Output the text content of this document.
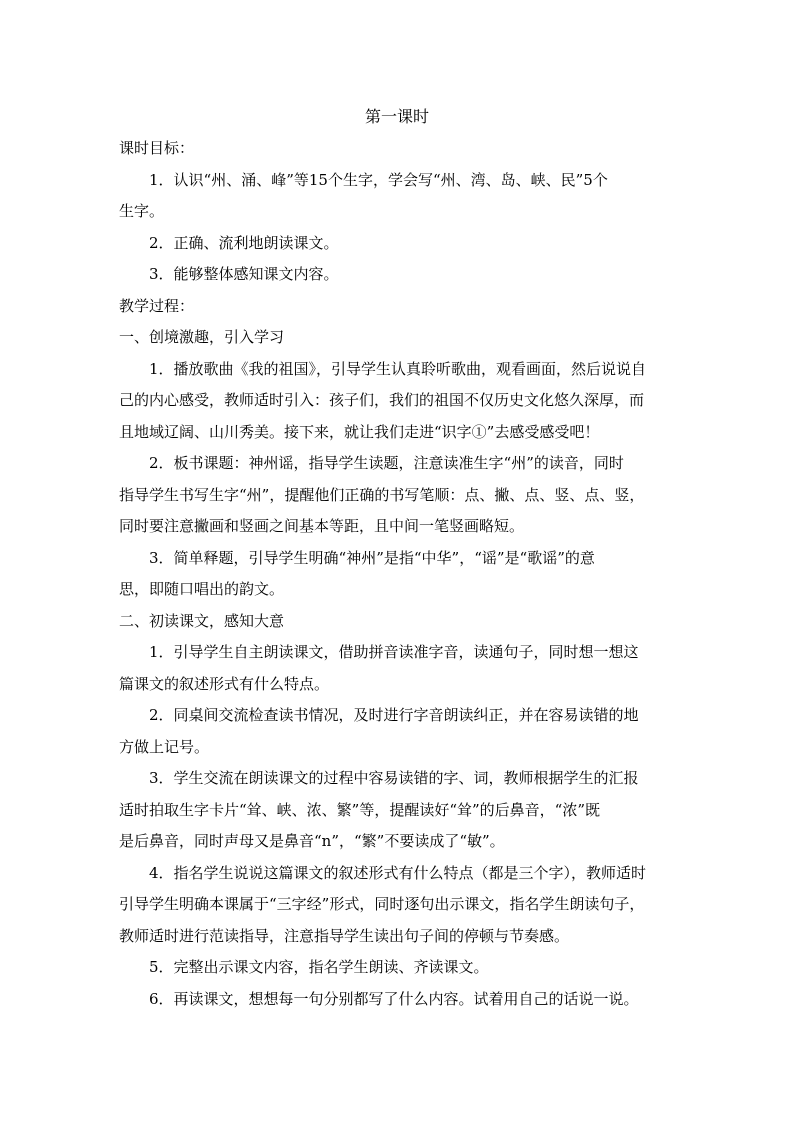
第一课时
课时目标：
1．认识“州、涌、峰”等15个生字，学会写“州、湾、岛、峡、民”5个
生字。
2．正确、流利地朗读课文。
3．能够整体感知课文内容。
教学过程：
一、创境激趣，引入学习
1．播放歌曲《我的祖国》，引导学生认真聆听歌曲，观看画面，然后说说自
己的内心感受，教师适时引入：孩子们，我们的祖国不仅历史文化悠久深厚，而
且地域辽阔、山川秀美。接下来，就让我们走进“识字①”去感受感受吧！
2．板书课题：神州谣，指导学生读题，注意读准生字“州”的读音，同时
指导学生书写生字“州”，提醒他们正确的书写笔顺：点、撇、点、竖、点、竖，
同时要注意撇画和竖画之间基本等距，且中间一笔竖画略短。
3．简单释题，引导学生明确“神州”是指“中华”，“谣”是“歌谣”的意
思，即随口唱出的韵文。
二、初读课文，感知大意
1．引导学生自主朗读课文，借助拼音读准字音，读通句子，同时想一想这
篇课文的叙述形式有什么特点。
2．同桌间交流检查读书情况，及时进行字音朗读纠正，并在容易读错的地
方做上记号。
3．学生交流在朗读课文的过程中容易读错的字、词，教师根据学生的汇报
适时拍取生字卡片“耸、峡、浓、繁”等，提醒读好“耸”的后鼻音，“浓”既
是后鼻音，同时声母又是鼻音“n”，“繁”不要读成了“敏”。
4．指名学生说说这篇课文的叙述形式有什么特点（都是三个字），教师适时
引导学生明确本课属于“三字经”形式，同时逐句出示课文，指名学生朗读句子，
教师适时进行范读指导，注意指导学生读出句子间的停顿与节奏感。
5．完整出示课文内容，指名学生朗读、齐读课文。
6．再读课文，想想每一句分别都写了什么内容。试着用自己的话说一说。
